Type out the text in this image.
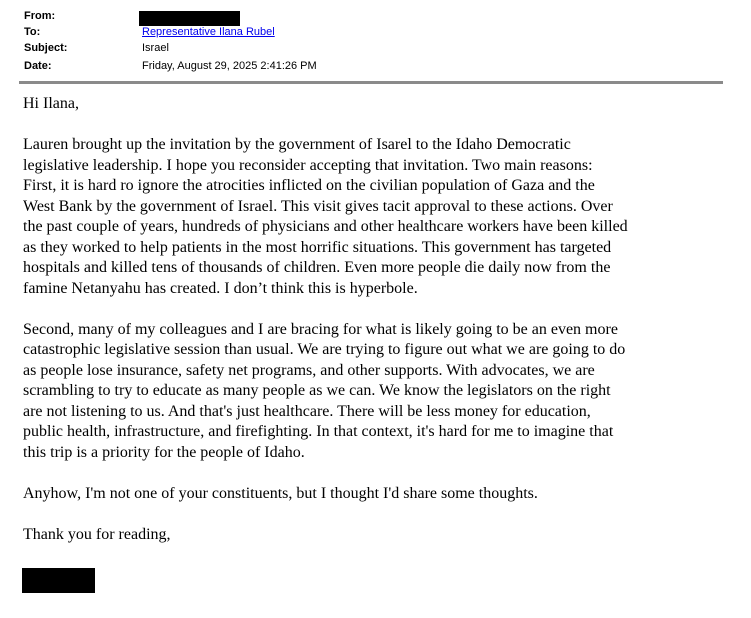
From:
To:	Representative Ilana Rubel
Subject:	Israel
Date:	Friday, August 29, 2025 2:41:26 PM

Hi Ilana,

Lauren brought up the invitation by the government of Isarel to the Idaho Democratic
legislative leadership. I hope you reconsider accepting that invitation. Two main reasons:
First, it is hard ro ignore the atrocities inflicted on the civilian population of Gaza and the
West Bank by the government of Israel. This visit gives tacit approval to these actions. Over
the past couple of years, hundreds of physicians and other healthcare workers have been killed
as they worked to help patients in the most horrific situations. This government has targeted
hospitals and killed tens of thousands of children. Even more people die daily now from the
famine Netanyahu has created. I don’t think this is hyperbole.

Second, many of my colleagues and I are bracing for what is likely going to be an even more
catastrophic legislative session than usual. We are trying to figure out what we are going to do
as people lose insurance, safety net programs, and other supports. With advocates, we are
scrambling to try to educate as many people as we can. We know the legislators on the right
are not listening to us. And that's just healthcare. There will be less money for education,
public health, infrastructure, and firefighting. In that context, it's hard for me to imagine that
this trip is a priority for the people of Idaho.

Anyhow, I'm not one of your constituents, but I thought I'd share some thoughts.

Thank you for reading,
